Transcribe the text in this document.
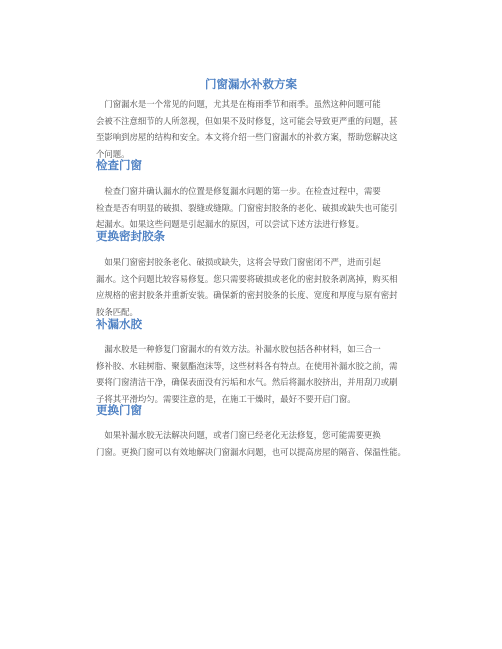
门窗漏水补救方案

　门窗漏水是一个常见的问题，尤其是在梅雨季节和雨季。虽然这种问题可能
会被不注意细节的人所忽视，但如果不及时修复，这可能会导致更严重的问题，甚
至影响到房屋的结构和安全。本文将介绍一些门窗漏水的补救方案，帮助您解决这
个问题。

检查门窗

　检查门窗并确认漏水的位置是修复漏水问题的第一步。在检查过程中，需要
检查是否有明显的破损、裂缝或缝隙。门窗密封胶条的老化、破损或缺失也可能引
起漏水。如果这些问题是引起漏水的原因，可以尝试下述方法进行修复。

更换密封胶条

　如果门窗密封胶条老化、破损或缺失，这将会导致门窗密闭不严，进而引起
漏水。这个问题比较容易修复。您只需要将破损或老化的密封胶条剥离掉，购买相
应规格的密封胶条并重新安装。确保新的密封胶条的长度、宽度和厚度与原有密封
胶条匹配。

补漏水胶

　漏水胶是一种修复门窗漏水的有效方法。补漏水胶包括各种材料，如三合一
修补胶、水硅树脂、聚氨酯泡沫等，这些材料各有特点。在使用补漏水胶之前，需
要将门窗清洁干净，确保表面没有污垢和水气。然后将漏水胶挤出，并用刮刀或刷
子将其平滑均匀。需要注意的是，在施工干燥时，最好不要开启门窗。

更换门窗

　如果补漏水胶无法解决问题，或者门窗已经老化无法修复，您可能需要更换
门窗。更换门窗可以有效地解决门窗漏水问题，也可以提高房屋的隔音、保温性能。
